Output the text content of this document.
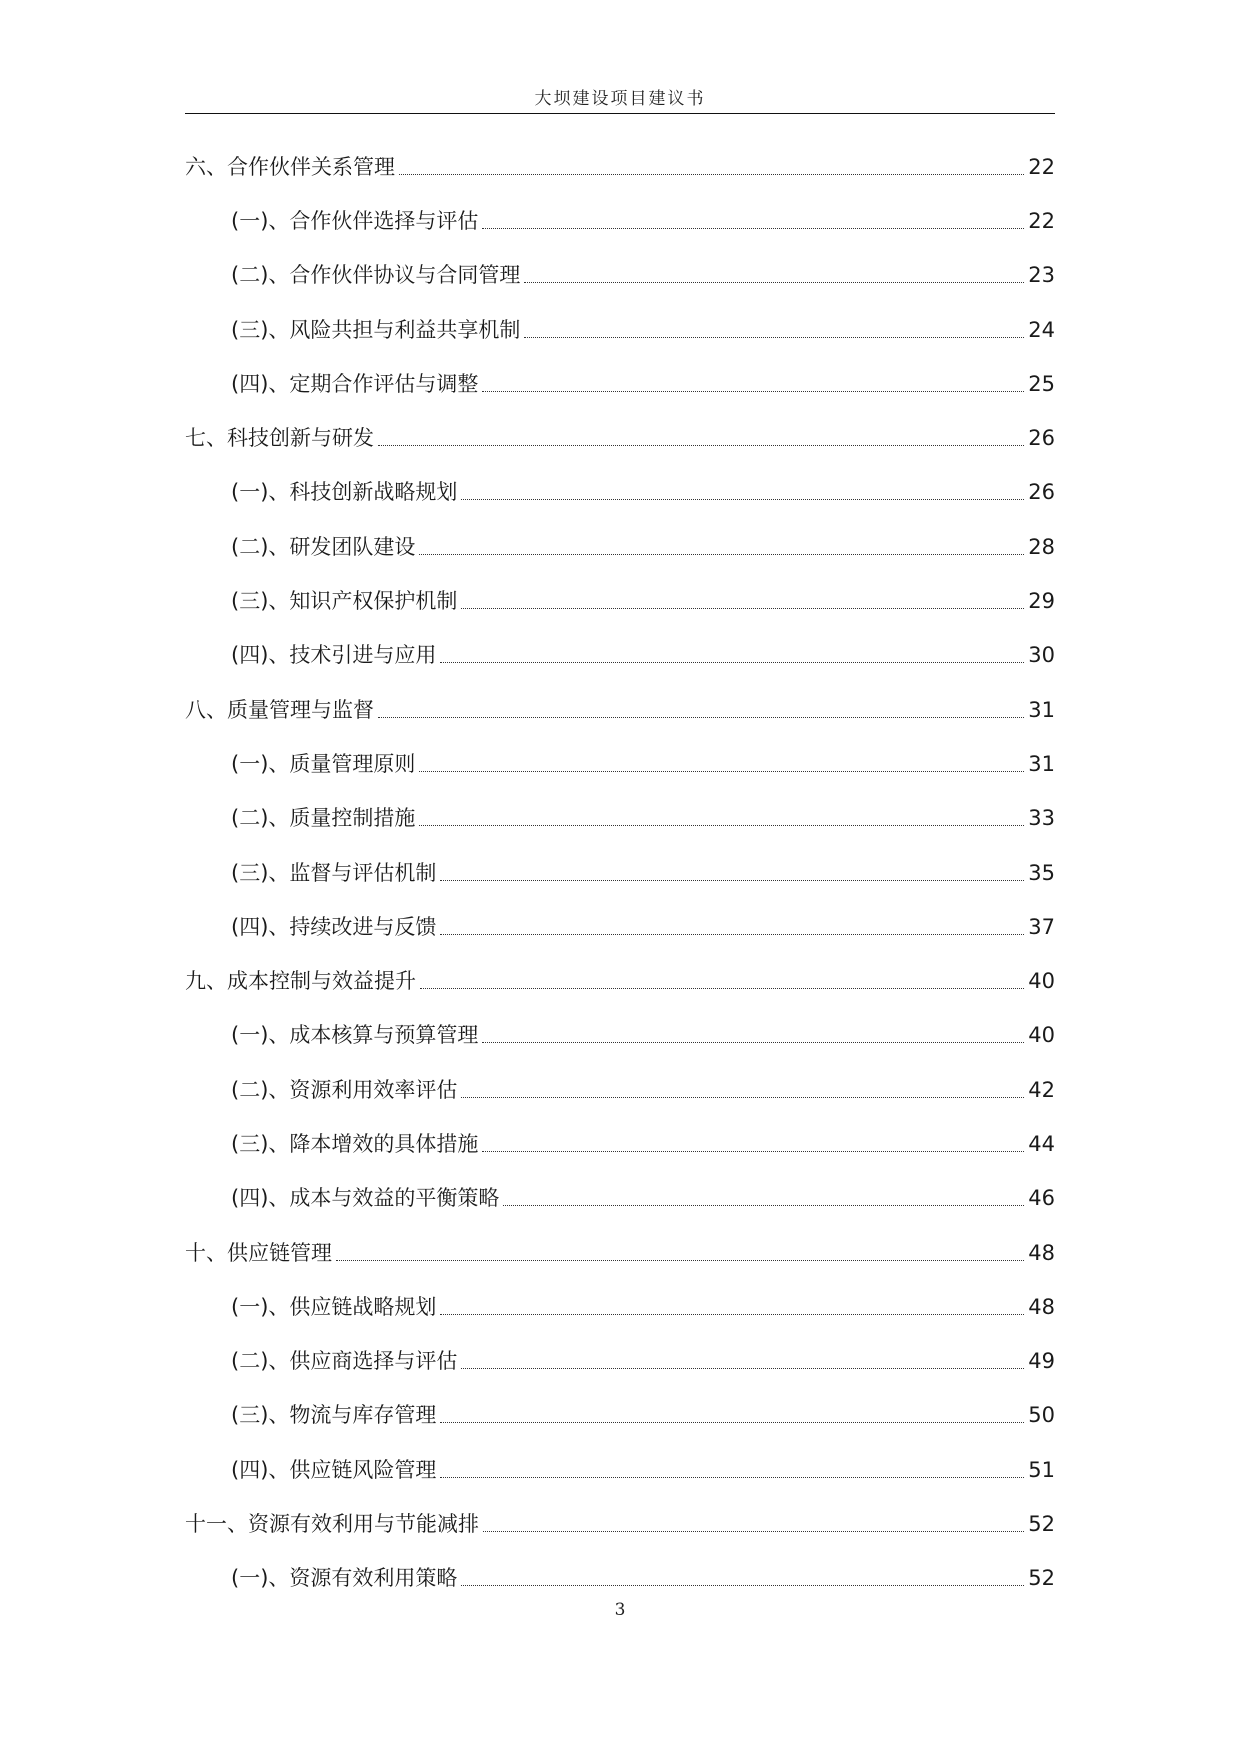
大坝建设项目建议书
六、合作伙伴关系管理	22
(一)、合作伙伴选择与评估	22
(二)、合作伙伴协议与合同管理	23
(三)、风险共担与利益共享机制	24
(四)、定期合作评估与调整	25
七、科技创新与研发	26
(一)、科技创新战略规划	26
(二)、研发团队建设	28
(三)、知识产权保护机制	29
(四)、技术引进与应用	30
八、质量管理与监督	31
(一)、质量管理原则	31
(二)、质量控制措施	33
(三)、监督与评估机制	35
(四)、持续改进与反馈	37
九、成本控制与效益提升	40
(一)、成本核算与预算管理	40
(二)、资源利用效率评估	42
(三)、降本增效的具体措施	44
(四)、成本与效益的平衡策略	46
十、供应链管理	48
(一)、供应链战略规划	48
(二)、供应商选择与评估	49
(三)、物流与库存管理	50
(四)、供应链风险管理	51
十一、资源有效利用与节能减排	52
(一)、资源有效利用策略	52
3
